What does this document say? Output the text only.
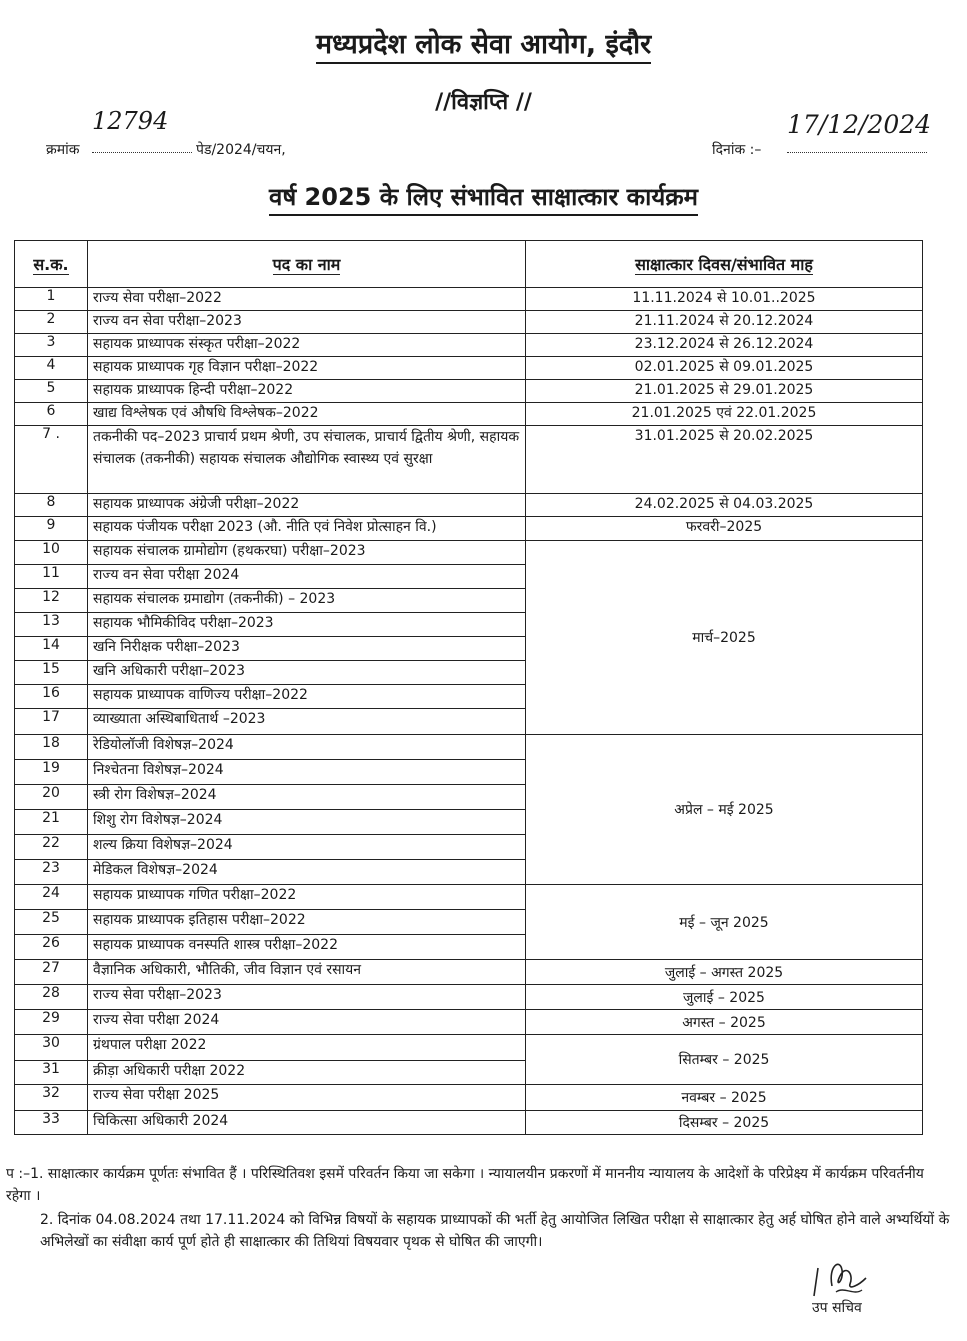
मध्यप्रदेश लोक सेवा आयोग, इंदौर
//विज्ञप्ति //
क्रमांक
12794
पेड/2024/चयन,	दिनांक :–
17/12/2024
वर्ष 2025 के लिए संभावित साक्षात्कार कार्यक्रम
स.क.	पद का नाम	साक्षात्कार दिवस/संभावित माह
1	राज्य सेवा परीक्षा–2022	11.11.2024 से 10.01..2025
2	राज्य वन सेवा परीक्षा–2023	21.11.2024 से 20.12.2024
3	सहायक प्राध्यापक संस्कृत परीक्षा–2022	23.12.2024 से 26.12.2024
4	सहायक प्राध्यापक गृह विज्ञान परीक्षा–2022	02.01.2025 से 09.01.2025
5	सहायक प्राध्यापक हिन्दी परीक्षा–2022	21.01.2025 से 29.01.2025
6	खाद्य विश्लेषक एवं औषधि विश्लेषक–2022	21.01.2025 एवं 22.01.2025
7 .	तकनीकी पद–2023 प्राचार्य प्रथम श्रेणी, उप संचालक, प्राचार्य द्वितीय श्रेणी, सहायक संचालक (तकनीकी) सहायक संचालक औद्योगिक स्वास्थ्य एवं सुरक्षा	31.01.2025 से 20.02.2025
8	सहायक प्राध्यापक अंग्रेजी परीक्षा–2022	24.02.2025 से 04.03.2025
9	सहायक पंजीयक परीक्षा 2023 (औ. नीति एवं निवेश प्रोत्साहन वि.)	फरवरी–2025
10	सहायक संचालक ग्रामोद्योग (हथकरघा) परीक्षा–2023	मार्च–2025
11	राज्य वन सेवा परीक्षा 2024	
12	सहायक संचालक ग्रमाद्योग (तकनीकी) – 2023	
13	सहायक भौमिकीविद परीक्षा–2023	
14	खनि निरीक्षक परीक्षा–2023	
15	खनि अधिकारी परीक्षा–2023	
16	सहायक प्राध्यापक वाणिज्य परीक्षा–2022	
17	व्याख्याता अस्थिबाधितार्थ –2023	
18	रेडियोलॉजी विशेषज्ञ–2024	अप्रेल – मई 2025
19	निश्चेतना विशेषज्ञ–2024	
20	स्त्री रोग विशेषज्ञ–2024	
21	शिशु रोग विशेषज्ञ–2024	
22	शल्य क्रिया विशेषज्ञ–2024	
23	मेडिकल विशेषज्ञ–2024	
24	सहायक प्राध्यापक गणित परीक्षा–2022	मई – जून 2025
25	सहायक प्राध्यापक इतिहास परीक्षा–2022	
26	सहायक प्राध्यापक वनस्पति शास्त्र परीक्षा–2022	
27	वैज्ञानिक अधिकारी, भौतिकी, जीव विज्ञान एवं रसायन	जुलाई – अगस्त 2025
28	राज्य सेवा परीक्षा–2023	जुलाई – 2025
29	राज्य सेवा परीक्षा 2024	अगस्त – 2025
30	ग्रंथपाल परीक्षा 2022	सितम्बर – 2025
31	क्रीड़ा अधिकारी परीक्षा 2022	
32	राज्य सेवा परीक्षा 2025	नवम्बर – 2025
33	चिकित्सा अधिकारी 2024	दिसम्बर – 2025
प :–1. साक्षात्कार कार्यक्रम पूर्णतः संभावित हैं । परिस्थितिवश इसमें परिवर्तन किया जा सकेगा । न्यायालयीन प्रकरणों में माननीय न्यायालय के आदेशों के परिप्रेक्ष्य में कार्यक्रम परिवर्तनीय रहेगा ।
2. दिनांक 04.08.2024 तथा 17.11.2024 को विभिन्न विषयों के सहायक प्राध्यापकों की भर्ती हेतु आयोजित लिखित परीक्षा से साक्षात्कार हेतु अर्ह घोषित होने वाले अभ्यर्थियों के अभिलेखों का संवीक्षा कार्य पूर्ण होते ही साक्षात्कार की तिथियां विषयवार पृथक से घोषित की जाएगी।
उप सचिव
